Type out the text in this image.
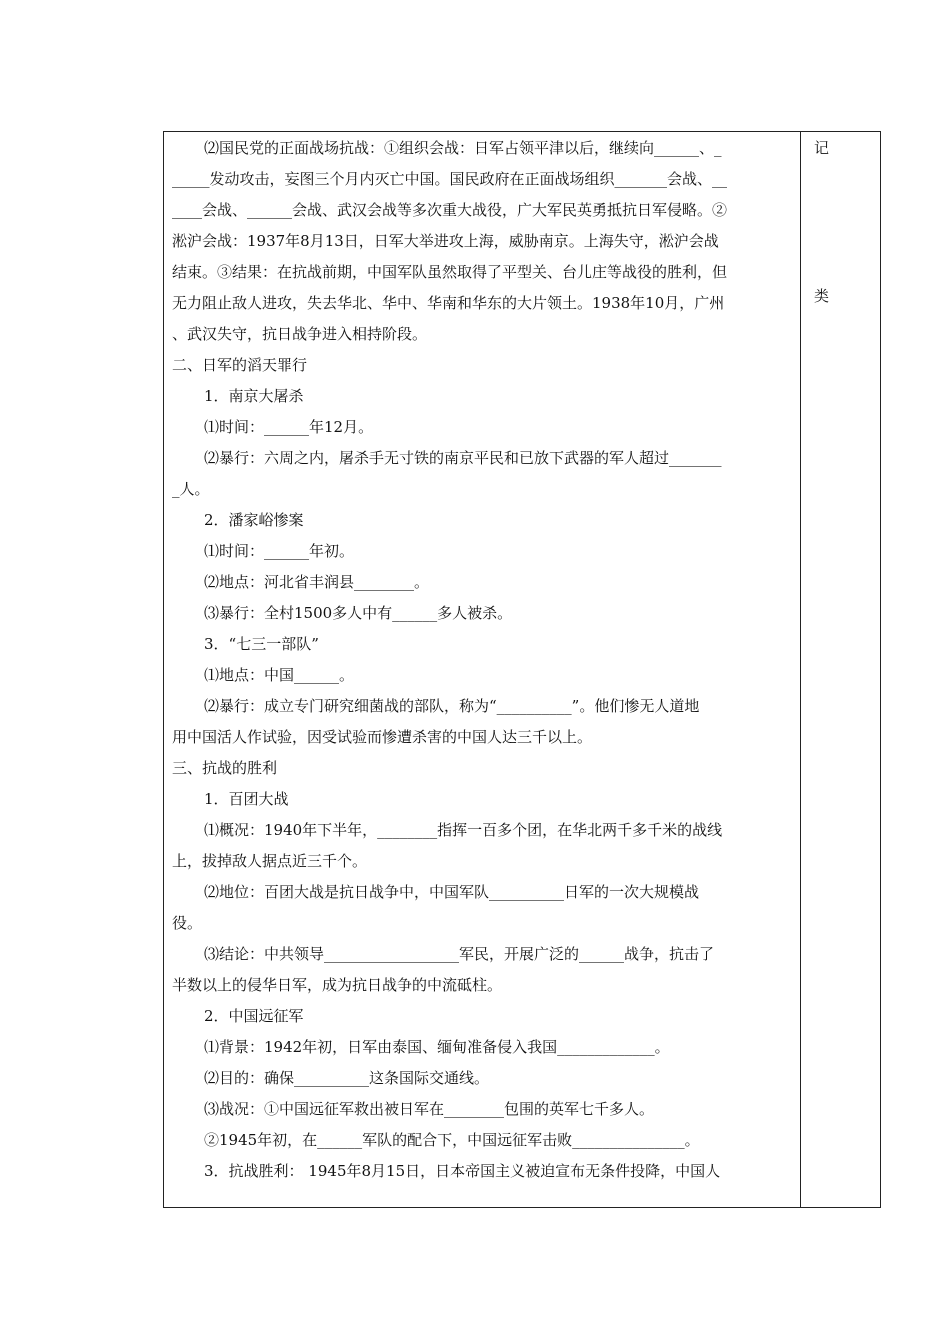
⑵国民党的正面战场抗战：①组织会战：日军占领平津以后，继续向______、_

_____发动攻击，妄图三个月内灭亡中国。国民政府在正面战场组织_______会战、__

____会战、______会战、武汉会战等多次重大战役，广大军民英勇抵抗日军侵略。②

淞沪会战：1937年8月13日，日军大举进攻上海，威胁南京。上海失守，淞沪会战

结束。③结果：在抗战前期，中国军队虽然取得了平型关、台儿庄等战役的胜利，但

无力阻止敌人进攻，失去华北、华中、华南和华东的大片领土。1938年10月，广州

、武汉失守，抗日战争进入相持阶段。

二、日军的滔天罪行

1．南京大屠杀

⑴时间：______年12月。

⑵暴行：六周之内，屠杀手无寸铁的南京平民和已放下武器的军人超过_______

_人。

2．潘家峪惨案

⑴时间：______年初。

⑵地点：河北省丰润县________。

⑶暴行：全村1500多人中有______多人被杀。

3．“七三一部队”

⑴地点：中国______。

⑵暴行：成立专门研究细菌战的部队，称为“__________”。他们惨无人道地

用中国活人作试验，因受试验而惨遭杀害的中国人达三千以上。

三、抗战的胜利

1．百团大战

⑴概况：1940年下半年，________指挥一百多个团，在华北两千多千米的战线

上，拔掉敌人据点近三千个。

⑵地位：百团大战是抗日战争中，中国军队__________日军的一次大规模战

役。

⑶结论：中共领导__________________军民，开展广泛的______战争，抗击了

半数以上的侵华日军，成为抗日战争的中流砥柱。

2．中国远征军

⑴背景：1942年初，日军由泰国、缅甸准备侵入我国_____________。

⑵目的：确保__________这条国际交通线。

⑶战况：①中国远征军救出被日军在________包围的英军七千多人。

②1945年初，在______军队的配合下，中国远征军击败_______________。

3．抗战胜利： 1945年8月15日，日本帝国主义被迫宣布无条件投降，中国人

记
类
